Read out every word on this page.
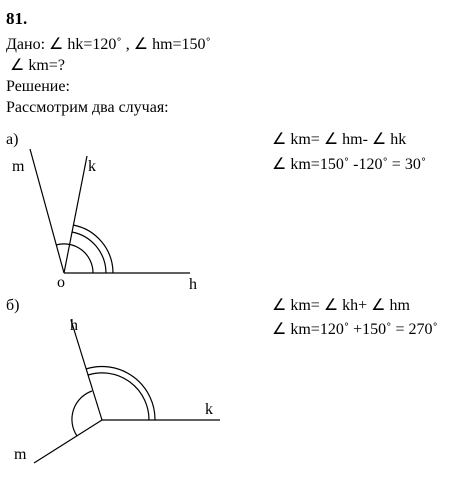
81.
Дано: ∠ hk=120˚ , ∠ hm=150˚
∠ km=?
Решение:
Рассмотрим два случая:
а)	∠ km= ∠ hm- ∠ hk
∠ km=150˚ -120˚ = 30˚
б)	∠ km= ∠ kh+ ∠ hm
∠ km=120˚ +150˚ = 270˚
m	k
o	h
h
k
m
